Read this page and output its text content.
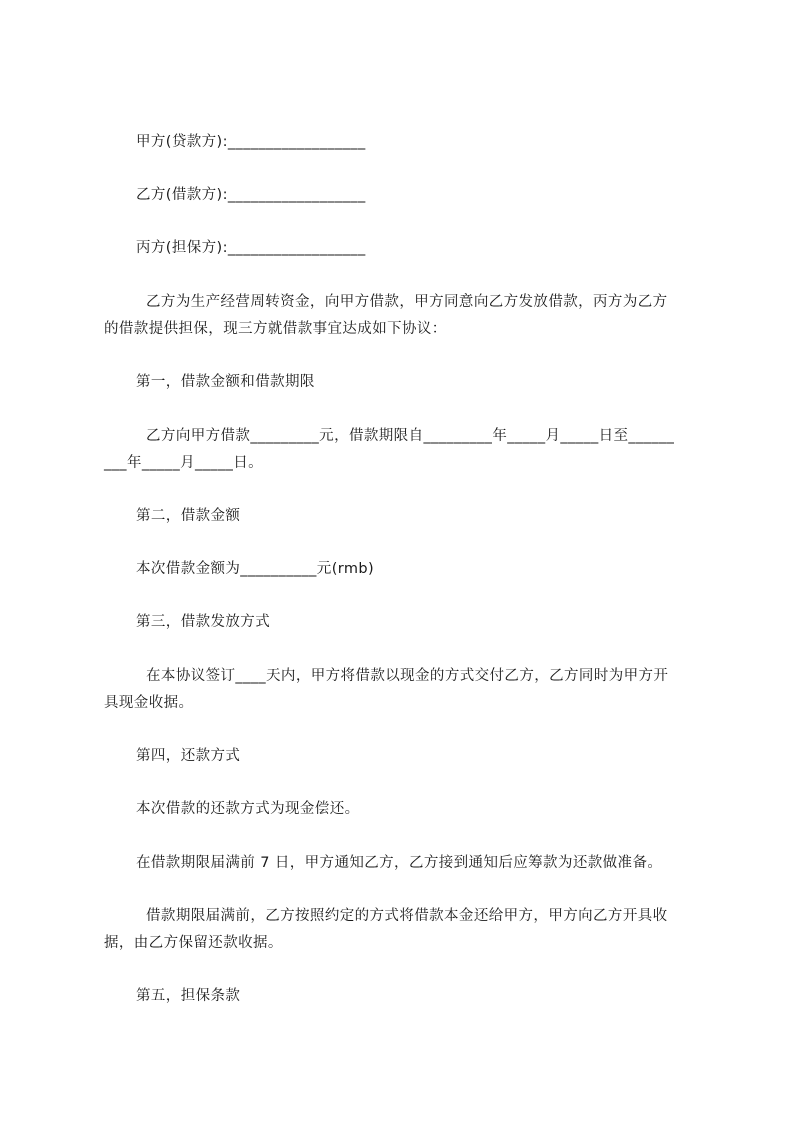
甲方(贷款方):__________________
乙方(借款方):__________________
丙方(担保方):__________________
乙方为生产经营周转资金，向甲方借款，甲方同意向乙方发放借款，丙方为乙方
的借款提供担保，现三方就借款事宜达成如下协议：
第一，借款金额和借款期限
乙方向甲方借款_________元，借款期限自_________年_____月_____日至______
___年_____月_____日。
第二，借款金额
本次借款金额为__________元(rmb)
第三，借款发放方式
在本协议签订____天内，甲方将借款以现金的方式交付乙方，乙方同时为甲方开
具现金收据。
第四，还款方式
本次借款的还款方式为现金偿还。
在借款期限届满前 7 日，甲方通知乙方，乙方接到通知后应筹款为还款做准备。
借款期限届满前，乙方按照约定的方式将借款本金还给甲方，甲方向乙方开具收
据，由乙方保留还款收据。
第五，担保条款
